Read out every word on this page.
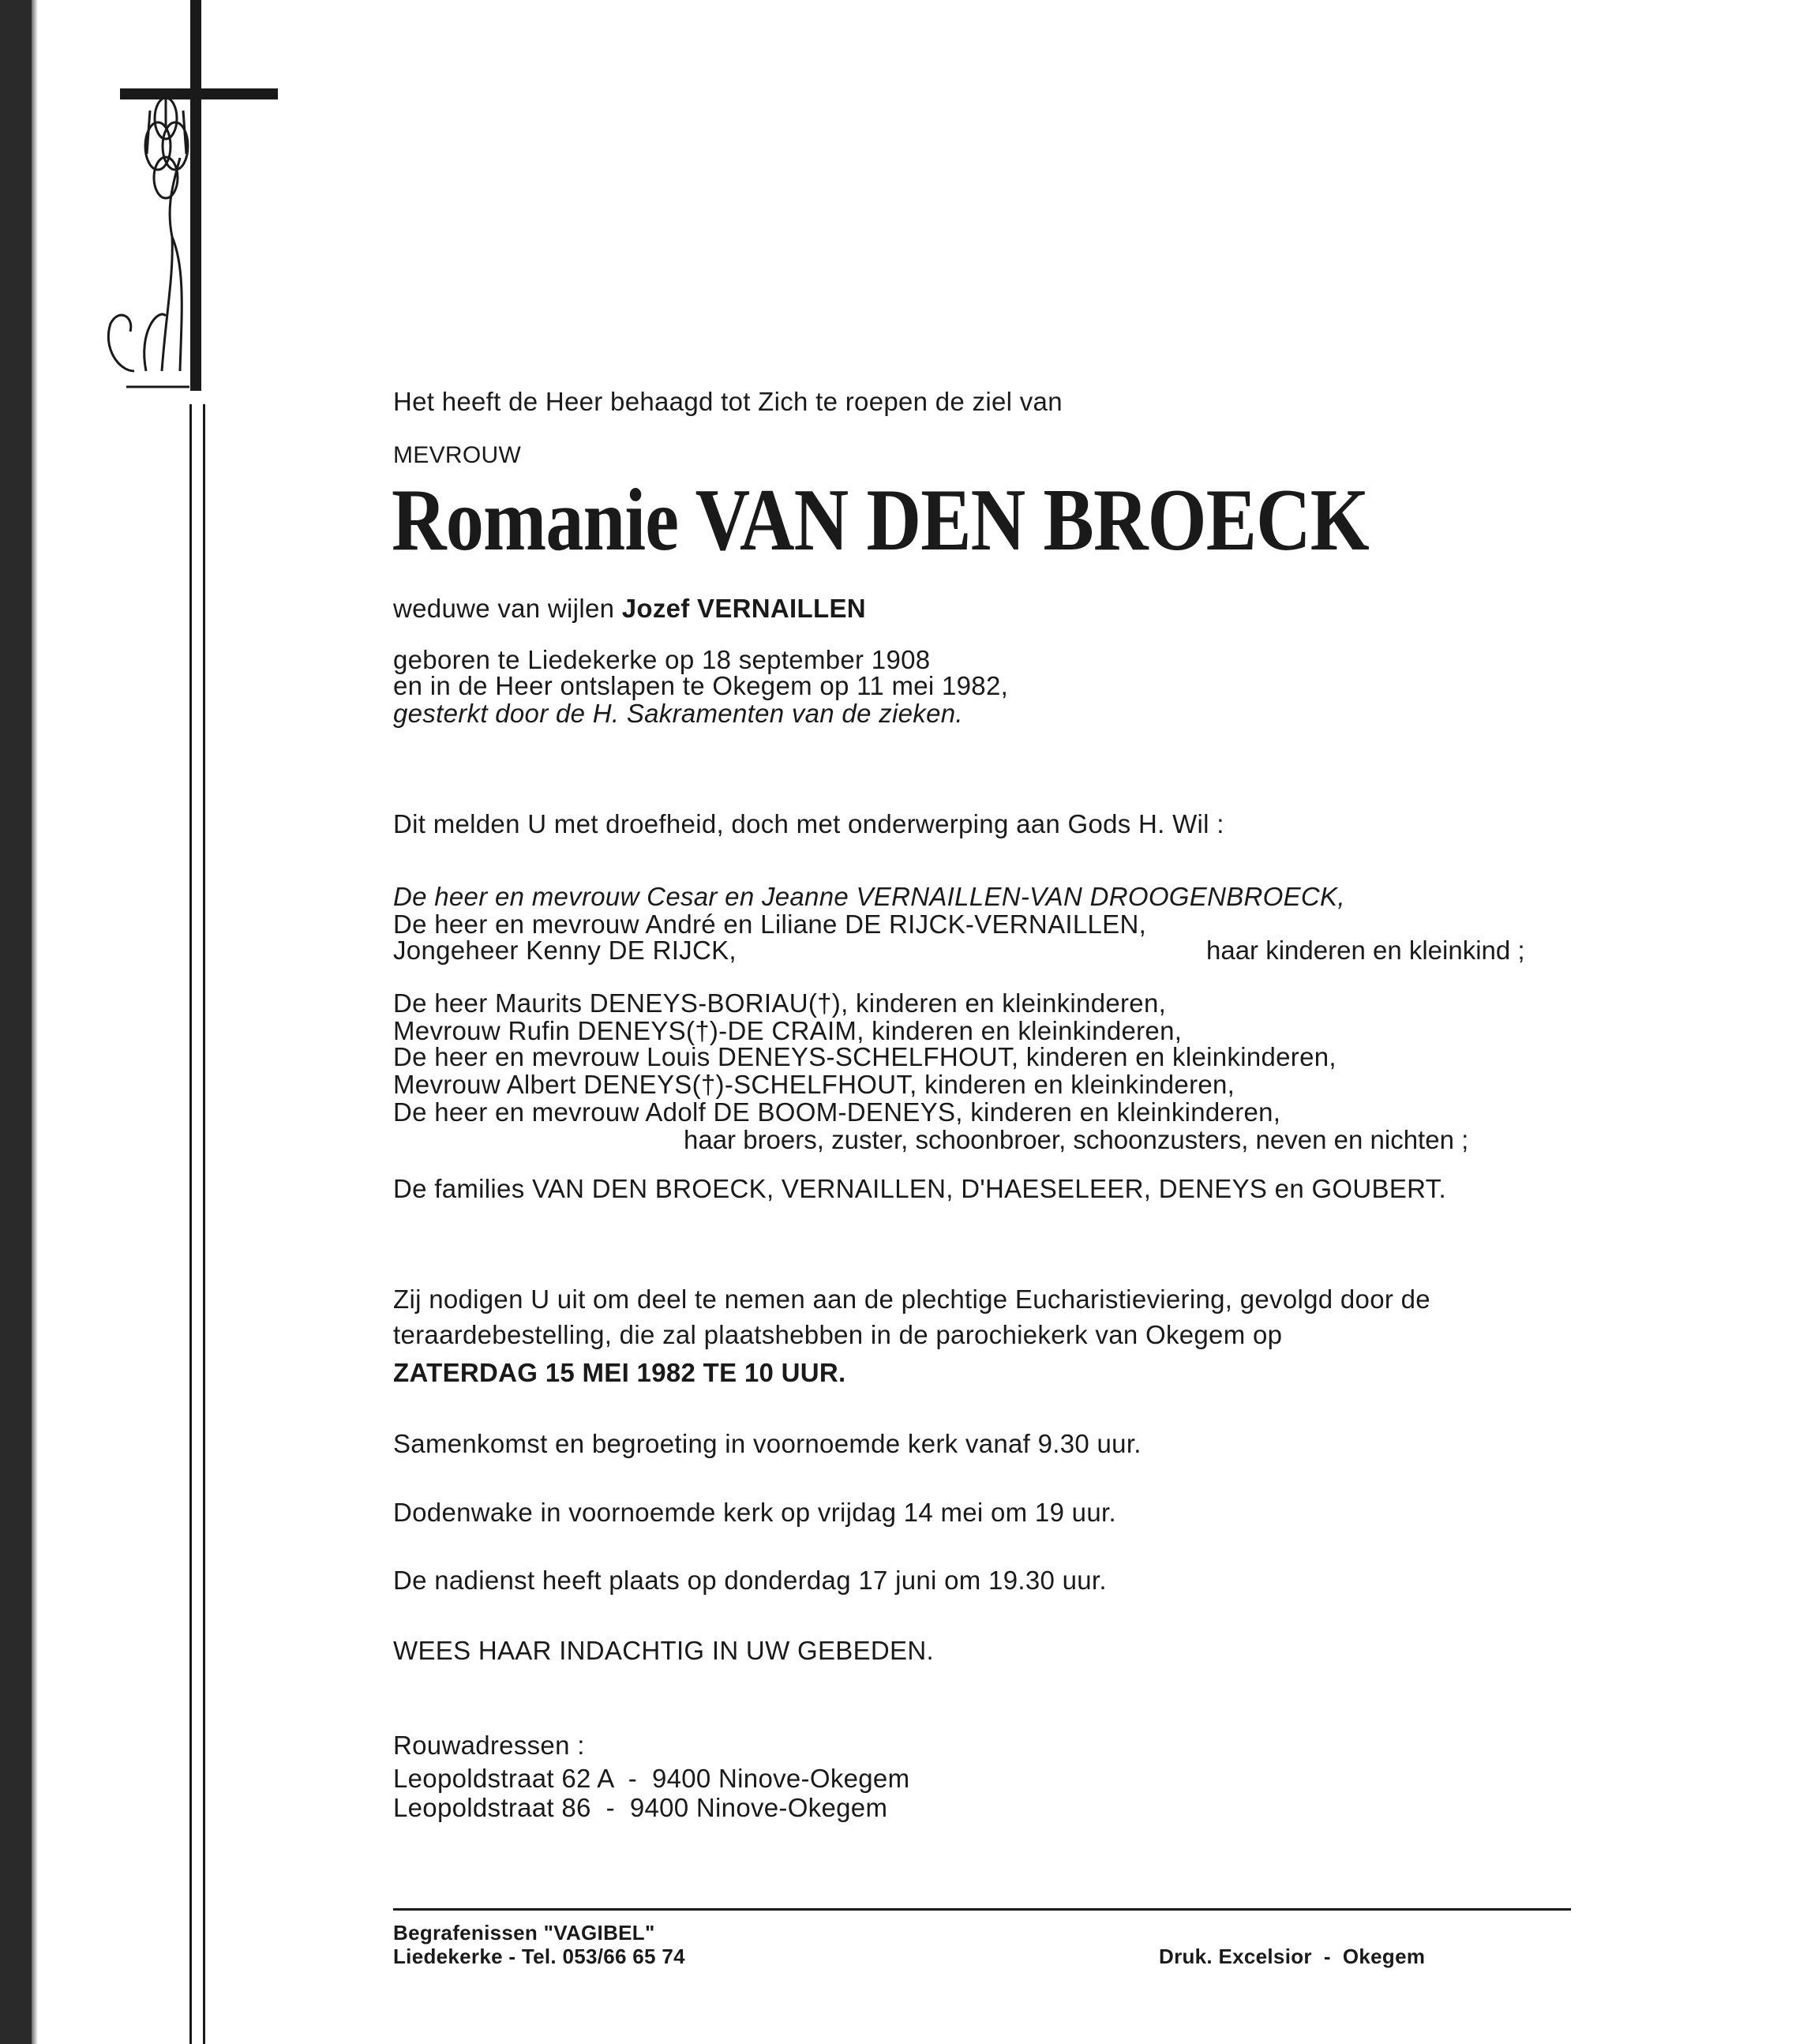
Het heeft de Heer behaagd tot Zich te roepen de ziel van
MEVROUW
Romanie VAN DEN BROECK
weduwe van wijlen Jozef VERNAILLEN
geboren te Liedekerke op 18 september 1908
en in de Heer ontslapen te Okegem op 11 mei 1982,
gesterkt door de H. Sakramenten van de zieken.
Dit melden U met droefheid, doch met onderwerping aan Gods H. Wil :
De heer en mevrouw Cesar en Jeanne VERNAILLEN-VAN DROOGENBROECK,
De heer en mevrouw André en Liliane DE RIJCK-VERNAILLEN,
Jongeheer Kenny DE RIJCK,	haar kinderen en kleinkind ;
De heer Maurits DENEYS-BORIAU(†), kinderen en kleinkinderen,
Mevrouw Rufin DENEYS(†)-DE CRAIM, kinderen en kleinkinderen,
De heer en mevrouw Louis DENEYS-SCHELFHOUT, kinderen en kleinkinderen,
Mevrouw Albert DENEYS(†)-SCHELFHOUT, kinderen en kleinkinderen,
De heer en mevrouw Adolf DE BOOM-DENEYS, kinderen en kleinkinderen,
haar broers, zuster, schoonbroer, schoonzusters, neven en nichten ;
De families VAN DEN BROECK, VERNAILLEN, D'HAESELEER, DENEYS en GOUBERT.
Zij nodigen U uit om deel te nemen aan de plechtige Eucharistieviering, gevolgd door de
teraardebestelling, die zal plaatshebben in de parochiekerk van Okegem op
ZATERDAG 15 MEI 1982 TE 10 UUR.
Samenkomst en begroeting in voornoemde kerk vanaf 9.30 uur.
Dodenwake in voornoemde kerk op vrijdag 14 mei om 19 uur.
De nadienst heeft plaats op donderdag 17 juni om 19.30 uur.
WEES HAAR INDACHTIG IN UW GEBEDEN.
Rouwadressen :
Leopoldstraat 62 A  -  9400 Ninove-Okegem
Leopoldstraat 86  -  9400 Ninove-Okegem
Begrafenissen "VAGIBEL"
Liedekerke - Tel. 053/66 65 74	Druk. Excelsior  -  Okegem
